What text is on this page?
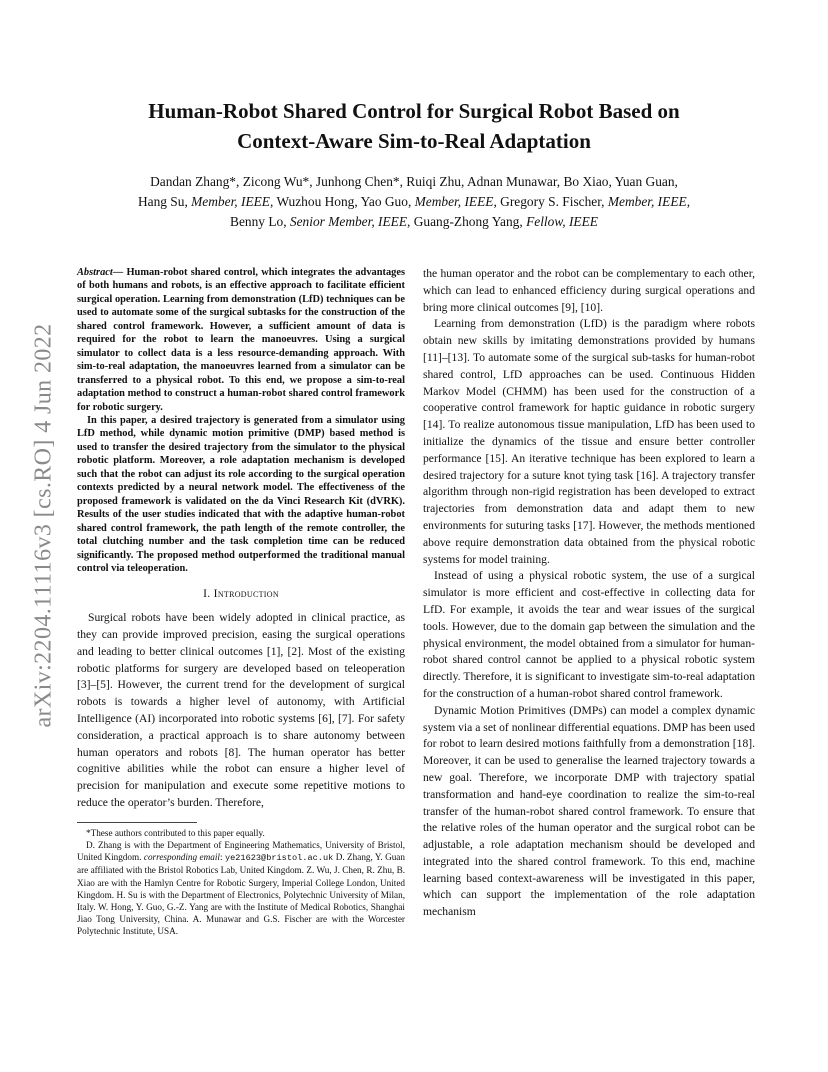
arXiv:2204.11116v3 [cs.RO] 4 Jun 2022
Human-Robot Shared Control for Surgical Robot Based on
Context-Aware Sim-to-Real Adaptation
Dandan Zhang*, Zicong Wu*, Junhong Chen*, Ruiqi Zhu, Adnan Munawar, Bo Xiao, Yuan Guan,
Hang Su, Member, IEEE, Wuzhou Hong, Yao Guo, Member, IEEE, Gregory S. Fischer, Member, IEEE,
Benny Lo, Senior Member, IEEE, Guang-Zhong Yang, Fellow, IEEE

Abstract— Human-robot shared control, which integrates the advantages of both humans and robots, is an effective approach to facilitate efficient surgical operation. Learning from demonstration (LfD) techniques can be used to automate some of the surgical subtasks for the construction of the shared control framework. However, a sufficient amount of data is required for the robot to learn the manoeuvres. Using a surgical simulator to collect data is a less resource-demanding approach. With sim-to-real adaptation, the manoeuvres learned from a simulator can be transferred to a physical robot. To this end, we propose a sim-to-real adaptation method to construct a human-robot shared control framework for robotic surgery.

In this paper, a desired trajectory is generated from a simulator using LfD method, while dynamic motion primitive (DMP) based method is used to transfer the desired trajectory from the simulator to the physical robotic platform. Moreover, a role adaptation mechanism is developed such that the robot can adjust its role according to the surgical operation contexts predicted by a neural network model. The effectiveness of the proposed framework is validated on the da Vinci Research Kit (dVRK). Results of the user studies indicated that with the adaptive human-robot shared control framework, the path length of the remote controller, the total clutching number and the task completion time can be reduced significantly. The proposed method outperformed the traditional manual control via teleoperation.

I. Introduction

Surgical robots have been widely adopted in clinical practice, as they can provide improved precision, easing the surgical operations and leading to better clinical outcomes [1], [2]. Most of the existing robotic platforms for surgery are developed based on teleoperation [3]–[5]. However, the current trend for the development of surgical robots is towards a higher level of autonomy, with Artificial Intelligence (AI) incorporated into robotic systems [6], [7]. For safety consideration, a practical approach is to share autonomy between human operators and robots [8]. The human operator has better cognitive abilities while the robot can ensure a higher level of precision for manipulation and execute some repetitive motions to reduce the operator’s burden. Therefore,

*These authors contributed to this paper equally.

D. Zhang is with the Department of Engineering Mathematics, University of Bristol, United Kingdom. corresponding email: ye21623@bristol.ac.uk D. Zhang, Y. Guan are affiliated with the Bristol Robotics Lab, United Kingdom. Z. Wu, J. Chen, R. Zhu, B. Xiao are with the Hamlyn Centre for Robotic Surgery, Imperial College London, United Kingdom. H. Su is with the Department of Electronics, Polytechnic University of Milan, Italy. W. Hong, Y. Guo, G.-Z. Yang are with the Institute of Medical Robotics, Shanghai Jiao Tong University, China. A. Munawar and G.S. Fischer are with the Worcester Polytechnic Institute, USA.

the human operator and the robot can be complementary to each other, which can lead to enhanced efficiency during surgical operations and bring more clinical outcomes [9], [10].

Learning from demonstration (LfD) is the paradigm where robots obtain new skills by imitating demonstrations provided by humans [11]–[13]. To automate some of the surgical sub-tasks for human-robot shared control, LfD approaches can be used. Continuous Hidden Markov Model (CHMM) has been used for the construction of a cooperative control framework for haptic guidance in robotic surgery [14]. To realize autonomous tissue manipulation, LfD has been used to initialize the dynamics of the tissue and ensure better controller performance [15]. An iterative technique has been explored to learn a desired trajectory for a suture knot tying task [16]. A trajectory transfer algorithm through non-rigid registration has been developed to extract trajectories from demonstration data and adapt them to new environments for suturing tasks [17]. However, the methods mentioned above require demonstration data obtained from the physical robotic systems for model training.

Instead of using a physical robotic system, the use of a surgical simulator is more efficient and cost-effective in collecting data for LfD. For example, it avoids the tear and wear issues of the surgical tools. However, due to the domain gap between the simulation and the physical environment, the model obtained from a simulator for human-robot shared control cannot be applied to a physical robotic system directly. Therefore, it is significant to investigate sim-to-real adaptation for the construction of a human-robot shared control framework.

Dynamic Motion Primitives (DMPs) can model a complex dynamic system via a set of nonlinear differential equations. DMP has been used for robot to learn desired motions faithfully from a demonstration [18]. Moreover, it can be used to generalise the learned trajectory towards a new goal. Therefore, we incorporate DMP with trajectory spatial transformation and hand-eye coordination to realize the sim-to-real transfer of the human-robot shared control framework. To ensure that the relative roles of the human operator and the surgical robot can be adjustable, a role adaptation mechanism should be developed and integrated into the shared control framework. To this end, machine learning based context-awareness will be investigated in this paper, which can support the implementation of the role adaptation mechanism
